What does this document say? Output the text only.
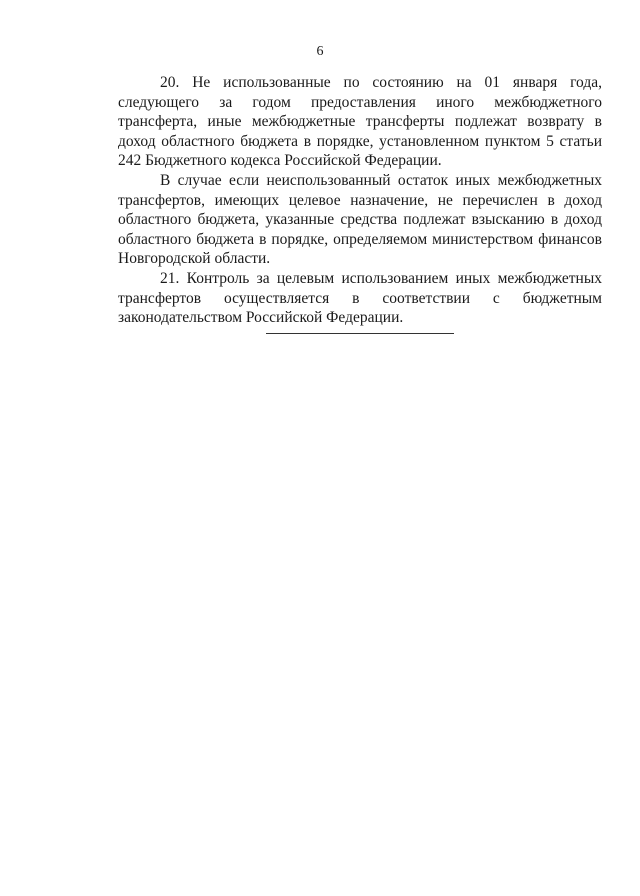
6

20. Не использованные по состоянию на 01 января года, следующего за годом предоставления иного межбюджетного трансферта, иные межбюджетные трансферты подлежат возврату в доход областного бюджета в порядке, установленном пунктом 5 статьи 242 Бюджетного кодекса Российской Федерации.

В случае если неиспользованный остаток иных межбюджетных трансфертов, имеющих целевое назначение, не перечислен в доход областного бюджета, указанные средства подлежат взысканию в доход областного бюджета в порядке, определяемом министерством финансов Новгородской области.

21. Контроль за целевым использованием иных межбюджетных трансфертов осуществляется в соответствии с бюджетным законодательством Российской Федерации.
